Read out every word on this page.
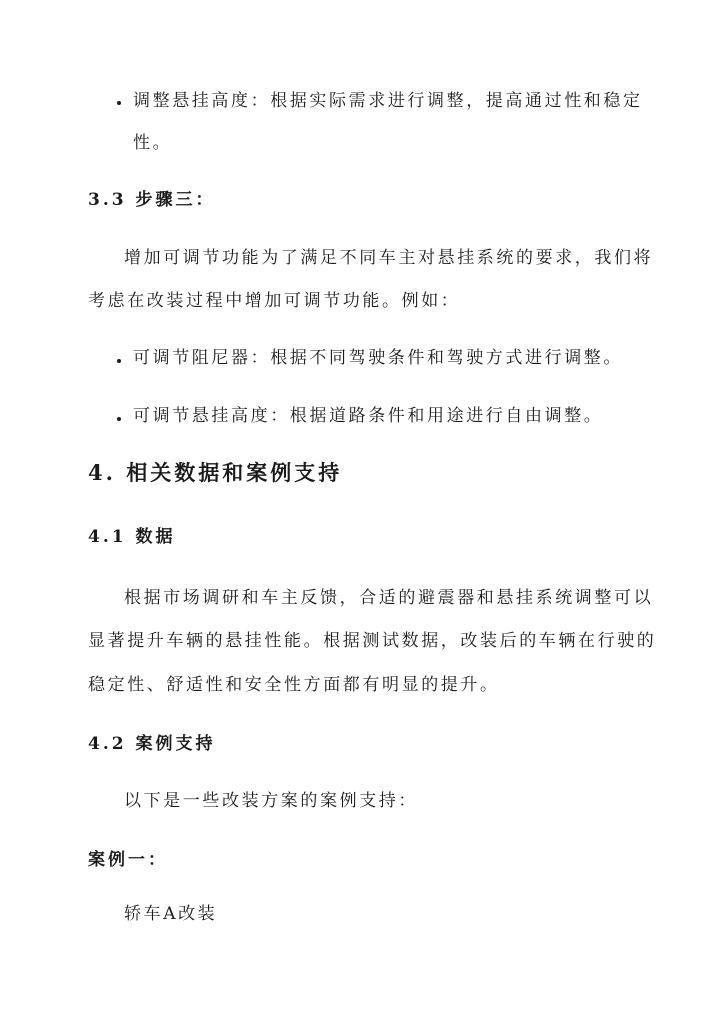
调整悬挂高度：根据实际需求进行调整，提高通过性和稳定
性。
3.3 步骤三：
增加可调节功能为了满足不同车主对悬挂系统的要求，我们将
考虑在改装过程中增加可调节功能。例如：
可调节阻尼器：根据不同驾驶条件和驾驶方式进行调整。
可调节悬挂高度：根据道路条件和用途进行自由调整。
4. 相关数据和案例支持
4.1 数据
根据市场调研和车主反馈，合适的避震器和悬挂系统调整可以
显著提升车辆的悬挂性能。根据测试数据，改装后的车辆在行驶的
稳定性、舒适性和安全性方面都有明显的提升。
4.2 案例支持
以下是一些改装方案的案例支持：
案例一：
轿车A改装
